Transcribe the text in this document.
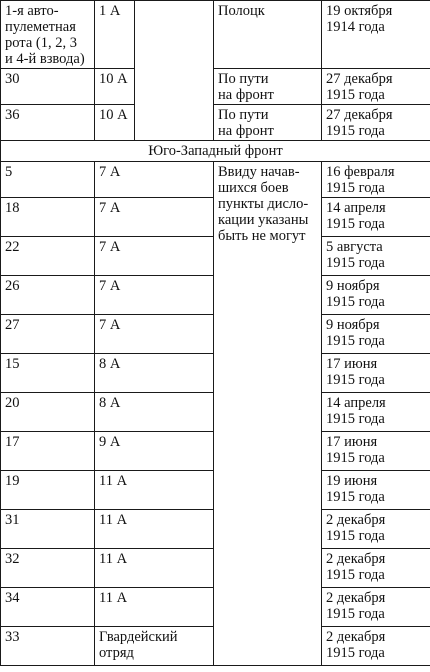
1-я авто-
пулеметная
рота (1, 2, 3
и 4-й взвода)	1 А		Полоцк	19 октября
1914 года
30	10 А		По пути
на фронт	27 декабря
1915 года
36	10 А		По пути
на фронт	27 декабря
1915 года
Юго-Западный фронт				
5	7 А		Ввиду начав-
шихся боев
пункты дисло-
кации указаны
быть не могут	16 февраля
1915 года
18	7 А			14 апреля
1915 года
22	7 А			5 августа
1915 года
26	7 А			9 ноября
1915 года
27	7 А			9 ноября
1915 года
15	8 А			17 июня
1915 года
20	8 А			14 апреля
1915 года
17	9 А			17 июня
1915 года
19	11 А			19 июня
1915 года
31	11 А			2 декабря
1915 года
32	11 А			2 декабря
1915 года
34	11 А			2 декабря
1915 года
33	Гвардейский
отряд			2 декабря
1915 года
